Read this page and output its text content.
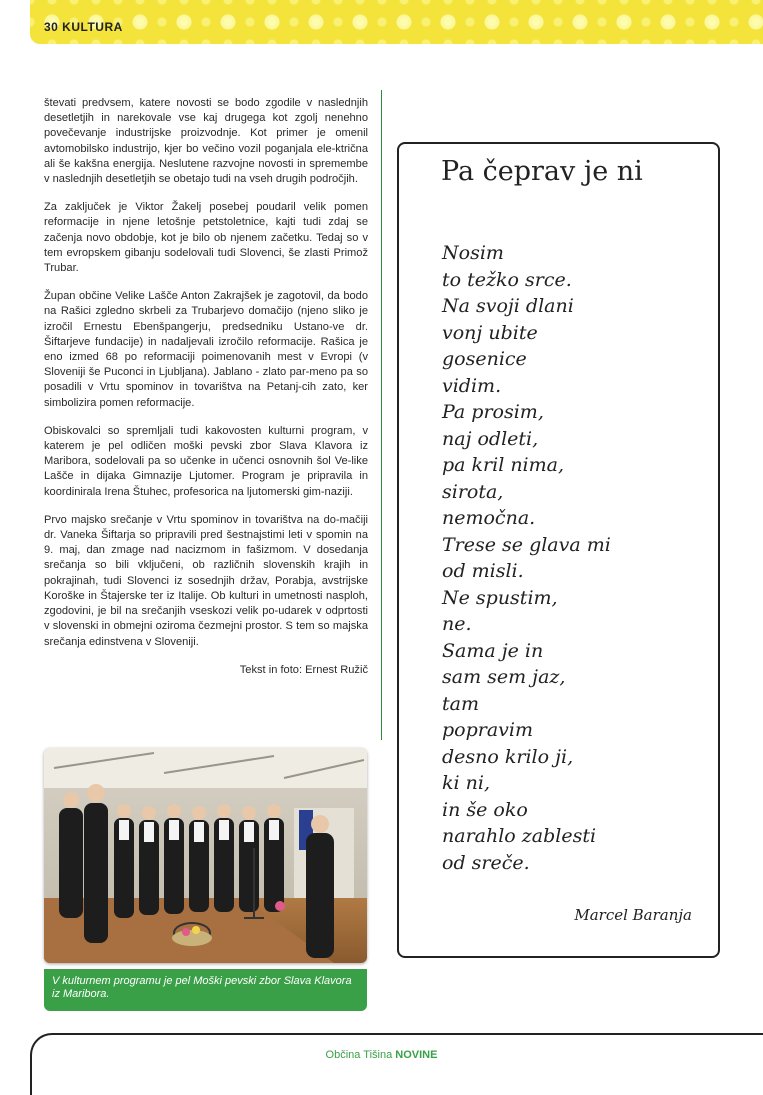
30 KULTURA

števati predvsem, katere novosti se bodo zgodile v naslednjih desetletjih in narekovale vse kaj drugega kot zgolj nenehno povečevanje industrijske proizvodnje. Kot primer je omenil avtomobilsko industrijo, kjer bo večino vozil poganjala ele-ktrična ali še kakšna energija. Neslutene razvojne novosti in spremembe v naslednjih desetletjih se obetajo tudi na vseh drugih področjih.

Za zaključek je Viktor Žakelj posebej poudaril velik pomen reformacije in njene letošnje petstoletnice, kajti tudi zdaj se začenja novo obdobje, kot je bilo ob njenem začetku. Tedaj so v tem evropskem gibanju sodelovali tudi Slovenci, še zlasti Primož Trubar.

Župan občine Velike Lašče Anton Zakrajšek je zagotovil, da bodo na Rašici zgledno skrbeli za Trubarjevo domačijo (njeno sliko je izročil Ernestu Ebenšpangerju, predsedniku Ustano-ve dr. Šiftarjeve fundacije) in nadaljevali izročilo reformacije. Rašica je eno izmed 68 po reformaciji poimenovanih mest v Evropi (v Sloveniji še Puconci in Ljubljana). Jablano - zlato par-meno pa so posadili v Vrtu spominov in tovarištva na Petanj-cih zato, ker simbolizira pomen reformacije.

Obiskovalci so spremljali tudi kakovosten kulturni program, v katerem je pel odličen moški pevski zbor Slava Klavora iz Maribora, sodelovali pa so učenke in učenci osnovnih šol Ve-like Lašče in dijaka Gimnazije Ljutomer. Program je pripravila in koordinirala Irena Štuhec, profesorica na ljutomerski gim-naziji.

Prvo majsko srečanje v Vrtu spominov in tovarištva na do-mačiji dr. Vaneka Šiftarja so pripravili pred šestnajstimi leti v spomin na 9. maj, dan zmage nad nacizmom in fašizmom. V dosedanja srečanja so bili vključeni, ob različnih slovenskih krajih in pokrajinah, tudi Slovenci iz sosednjih držav, Porabja, avstrijske Koroške in Štajerske ter iz Italije. Ob kulturi in umetnosti nasploh, zgodovini, je bil na srečanjih vseskozi velik po-udarek v odprtosti v slovenski in obmejni oziroma čezmejni prostor. S tem so majska srečanja edinstvena v Sloveniji.

Tekst in foto: Ernest Ružič
V kulturnem programu je pel Moški pevski zbor Slava Klavora iz Maribora.
Pa čeprav je ni
Nosim
to težko srce.
Na svoji dlani
vonj ubite
gosenice
vidim.
Pa prosim,
naj odleti,
pa kril nima,
sirota,
nemočna.
Trese se glava mi
od misli.
Ne spustim,
ne.
Sama je in
sam sem jaz,
tam
popravim
desno krilo ji,
ki ni,
in še oko
narahlo zablesti
od sreče.
Marcel Baranja
Občina Tišina NOVINE
